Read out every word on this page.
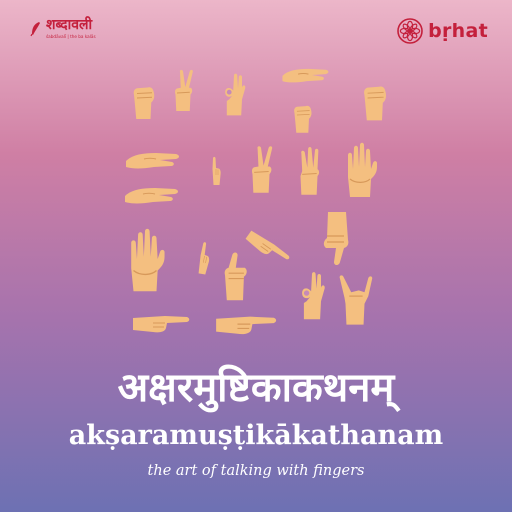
शब्दावली
śabdāvalī | the ba kalās	bṛhat
अक्षरमुष्टिकाकथनम्
akṣaramuṣṭikākathanam
the art of talking with fingers
